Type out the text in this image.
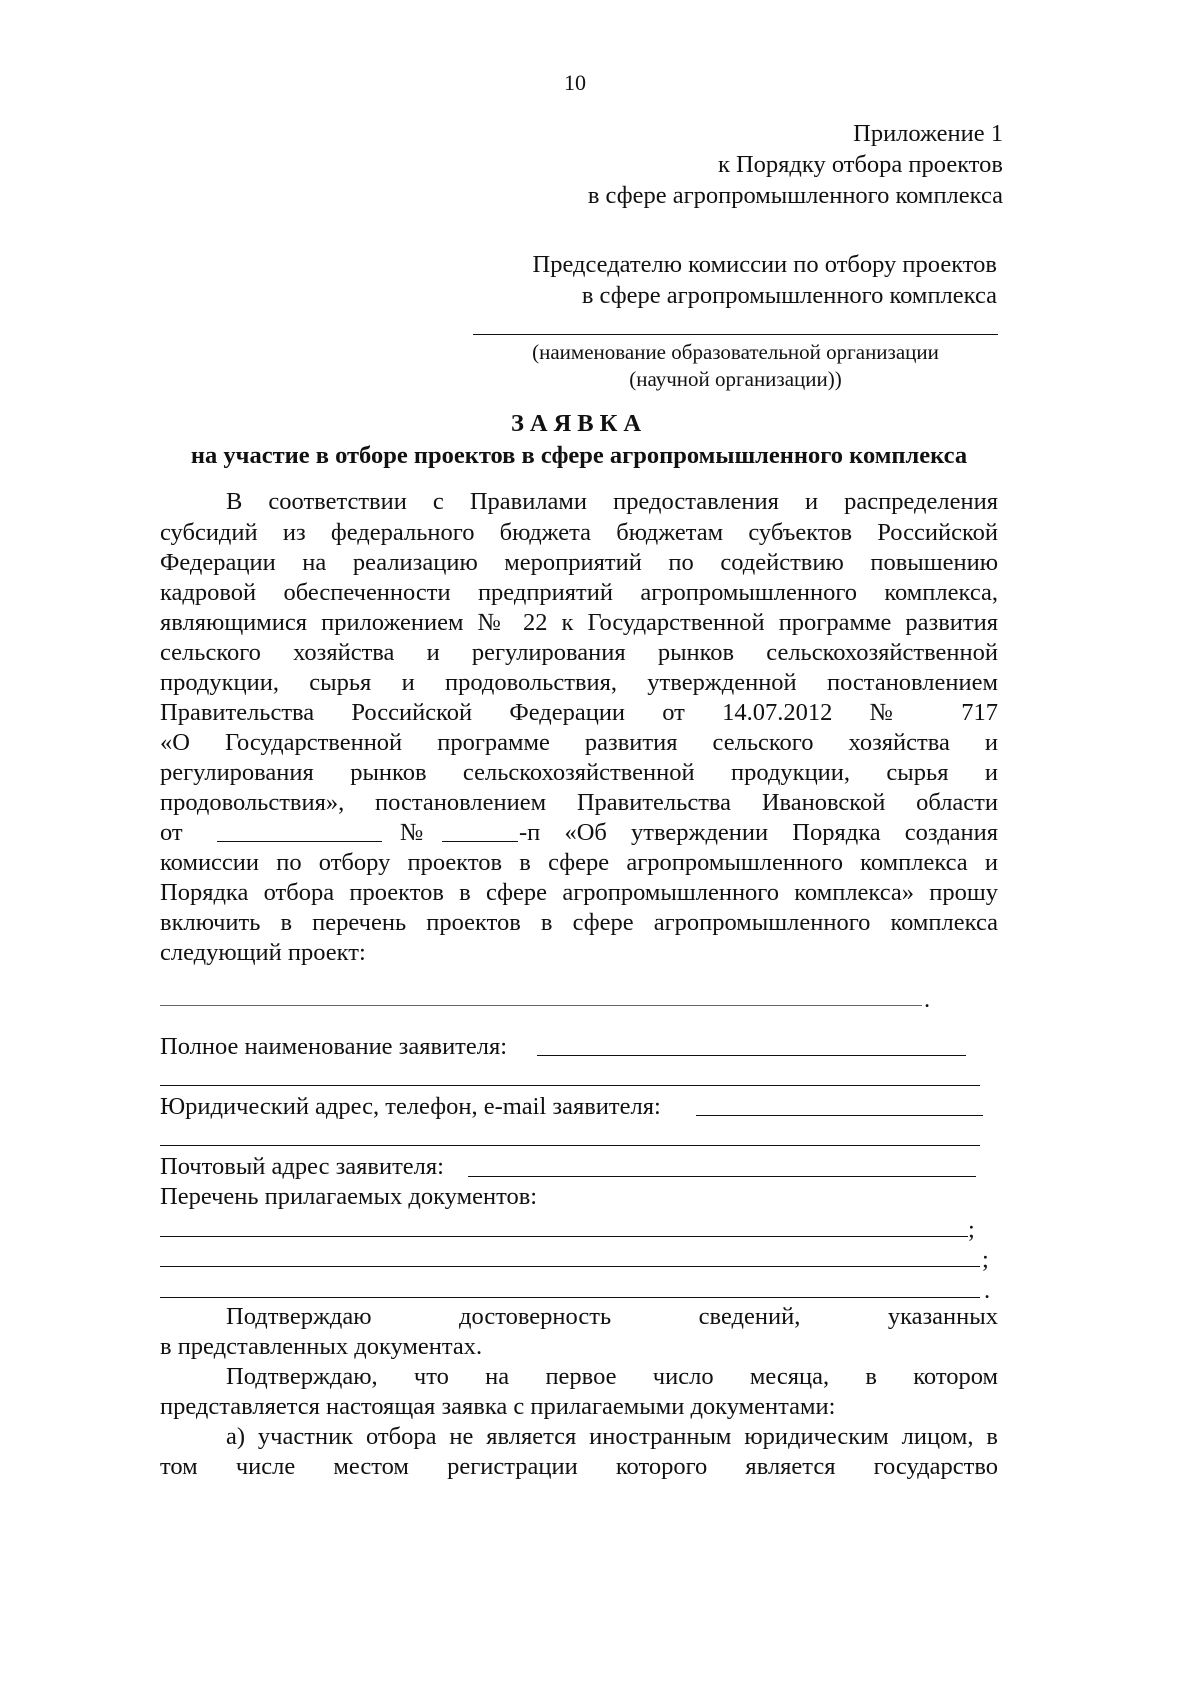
10
Приложение 1
к Порядку отбора проектов
в сфере агропромышленного комплекса
Председателю комиссии по отбору проектов
в сфере агропромышленного комплекса
(наименование образовательной организации
(научной организации))
ЗАЯВКА
на участие в отборе проектов в сфере агропромышленного комплекса
В соответствии с Правилами предоставления и распределения
субсидий из федерального бюджета бюджетам субъектов Российской
Федерации на реализацию мероприятий по содействию повышению
кадровой обеспеченности предприятий агропромышленного комплекса,
являющимися приложением № 22 к Государственной программе развития
сельского хозяйства и регулирования рынков сельскохозяйственной
продукции, сырья и продовольствия, утвержденной постановлением
Правительства Российской Федерации от 14.07.2012 № 717
«О Государственной программе развития сельского хозяйства и
регулирования рынков сельскохозяйственной продукции, сырья и
продовольствия», постановлением Правительства Ивановской области
от	№	-п «Об утверждении Порядка создания
комиссии по отбору проектов в сфере агропромышленного комплекса и
Порядка отбора проектов в сфере агропромышленного комплекса» прошу
включить в перечень проектов в сфере агропромышленного комплекса
следующий проект:
.
Полное наименование заявителя:
Юридический адрес, телефон, e-mail заявителя:
Почтовый адрес заявителя:
Перечень прилагаемых документов:
;
;
.
Подтверждаю достоверность сведений, указанных
в представленных документах.
Подтверждаю, что на первое число месяца, в котором
представляется настоящая заявка с прилагаемыми документами:
а) участник отбора не является иностранным юридическим лицом, в
том числе местом регистрации которого является государство
